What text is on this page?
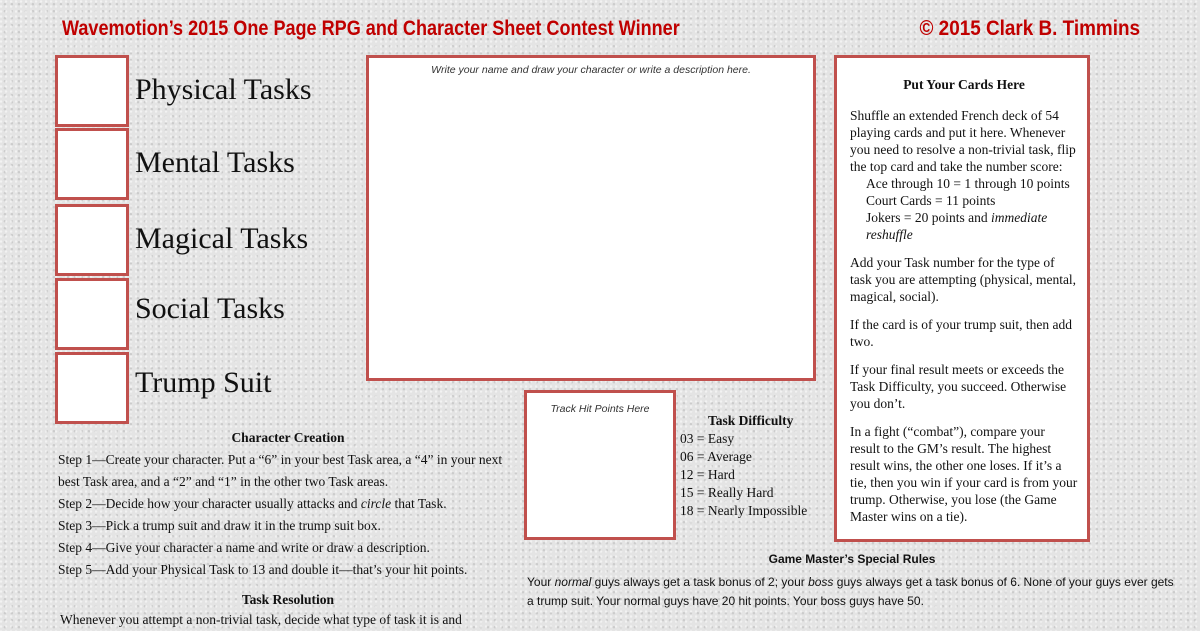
Wavemotion’s 2015 One Page RPG and Character Sheet Contest Winner	© 2015 Clark B. Timmins
Physical Tasks
Mental Tasks
Magical Tasks
Social Tasks
Trump Suit
Write your name and draw your character or write a description here.
Track Hit Points Here
Task Difficulty
03 = Easy
06 = Average
12 = Hard
15 = Really Hard
18 = Nearly Impossible
Put Your Cards Here

Shuffle an extended French deck of 54 playing cards and put it here. Whenever you need to resolve a non-trivial task, flip the top card and take the number score:

Ace through 10 = 1 through 10 points
Court Cards = 11 points
Jokers = 20 points and immediate reshuffle

Add your Task number for the type of task you are attempting (physical, mental, magical, social).

If the card is of your trump suit, then add two.

If your final result meets or exceeds the Task Difficulty, you succeed. Otherwise you don’t.

In a fight (“combat”), compare your result to the GM’s result. The highest result wins, the other one loses. If it’s a tie, then you win if your card is from your trump. Otherwise, you lose (the Game Master wins on a tie).

Character Creation
Step 1—Create your character. Put a “6” in your best Task area, a “4” in your next best Task area, and a “2” and “1” in the other two Task areas.
Step 2—Decide how your character usually attacks and circle that Task.
Step 3—Pick a trump suit and draw it in the trump suit box.
Step 4—Give your character a name and write or draw a description.
Step 5—Add your Physical Task to 13 and double it—that’s your hit points.
Task Resolution
Whenever you attempt a non-trivial task, decide what type of task it is and
Game Master’s Special Rules
Your normal guys always get a task bonus of 2; your boss guys always get a task bonus of 6. None of your guys ever gets a trump suit. Your normal guys have 20 hit points. Your boss guys have 50.
